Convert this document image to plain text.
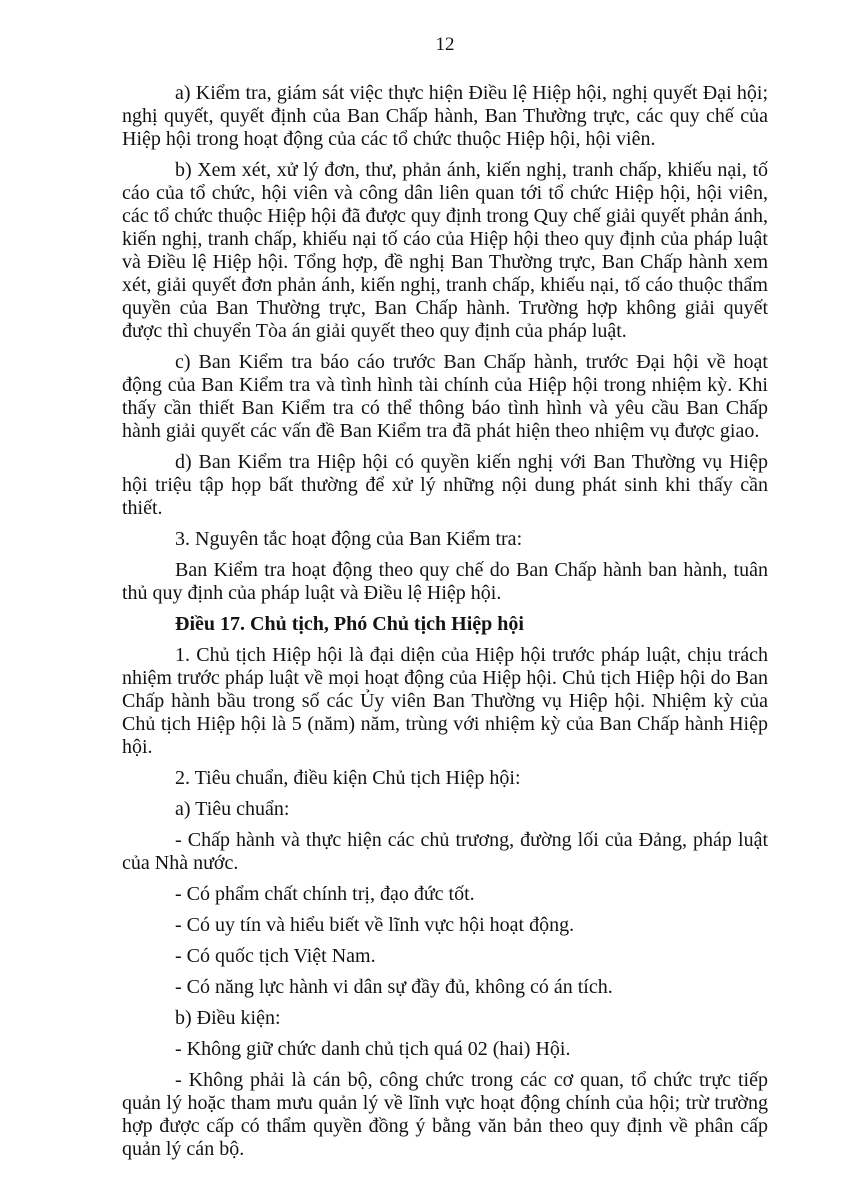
12

a) Kiểm tra, giám sát việc thực hiện Điều lệ Hiệp hội, nghị quyết Đại hội; nghị quyết, quyết định của Ban Chấp hành, Ban Thường trực, các quy chế của Hiệp hội trong hoạt động của các tổ chức thuộc Hiệp hội, hội viên.

b) Xem xét, xử lý đơn, thư, phản ánh, kiến nghị, tranh chấp, khiếu nại, tố cáo của tổ chức, hội viên và công dân liên quan tới tổ chức Hiệp hội, hội viên, các tổ chức thuộc Hiệp hội đã được quy định trong Quy chế giải quyết phản ánh, kiến nghị, tranh chấp, khiếu nại tố cáo của Hiệp hội theo quy định của pháp luật và Điều lệ Hiệp hội. Tổng hợp, đề nghị Ban Thường trực, Ban Chấp hành xem xét, giải quyết đơn phản ánh, kiến nghị, tranh chấp, khiếu nại, tố cáo thuộc thẩm quyền của Ban Thường trực, Ban Chấp hành. Trường hợp không giải quyết được thì chuyển Tòa án giải quyết theo quy định của pháp luật.

c) Ban Kiểm tra báo cáo trước Ban Chấp hành, trước Đại hội về hoạt động của Ban Kiểm tra và tình hình tài chính của Hiệp hội trong nhiệm kỳ. Khi thấy cần thiết Ban Kiểm tra có thể thông báo tình hình và yêu cầu Ban Chấp hành giải quyết các vấn đề Ban Kiểm tra đã phát hiện theo nhiệm vụ được giao.

d) Ban Kiểm tra Hiệp hội có quyền kiến nghị với Ban Thường vụ Hiệp hội triệu tập họp bất thường để xử lý những nội dung phát sinh khi thấy cần thiết.

3. Nguyên tắc hoạt động của Ban Kiểm tra:

Ban Kiểm tra hoạt động theo quy chế do Ban Chấp hành ban hành, tuân thủ quy định của pháp luật và Điều lệ Hiệp hội.

Điều 17. Chủ tịch, Phó Chủ tịch Hiệp hội

1. Chủ tịch Hiệp hội là đại diện của Hiệp hội trước pháp luật, chịu trách nhiệm trước pháp luật về mọi hoạt động của Hiệp hội. Chủ tịch Hiệp hội do Ban Chấp hành bầu trong số các Ủy viên Ban Thường vụ Hiệp hội. Nhiệm kỳ của Chủ tịch Hiệp hội là 5 (năm) năm, trùng với nhiệm kỳ của Ban Chấp hành Hiệp hội.

2. Tiêu chuẩn, điều kiện Chủ tịch Hiệp hội:

a) Tiêu chuẩn:

- Chấp hành và thực hiện các chủ trương, đường lối của Đảng, pháp luật của Nhà nước.

- Có phẩm chất chính trị, đạo đức tốt.

- Có uy tín và hiểu biết về lĩnh vực hội hoạt động.

- Có quốc tịch Việt Nam.

- Có năng lực hành vi dân sự đầy đủ, không có án tích.

b) Điều kiện:

- Không giữ chức danh chủ tịch quá 02 (hai) Hội.

- Không phải là cán bộ, công chức trong các cơ quan, tổ chức trực tiếp quản lý hoặc tham mưu quản lý về lĩnh vực hoạt động chính của hội; trừ trường hợp được cấp có thẩm quyền đồng ý bằng văn bản theo quy định về phân cấp quản lý cán bộ.
